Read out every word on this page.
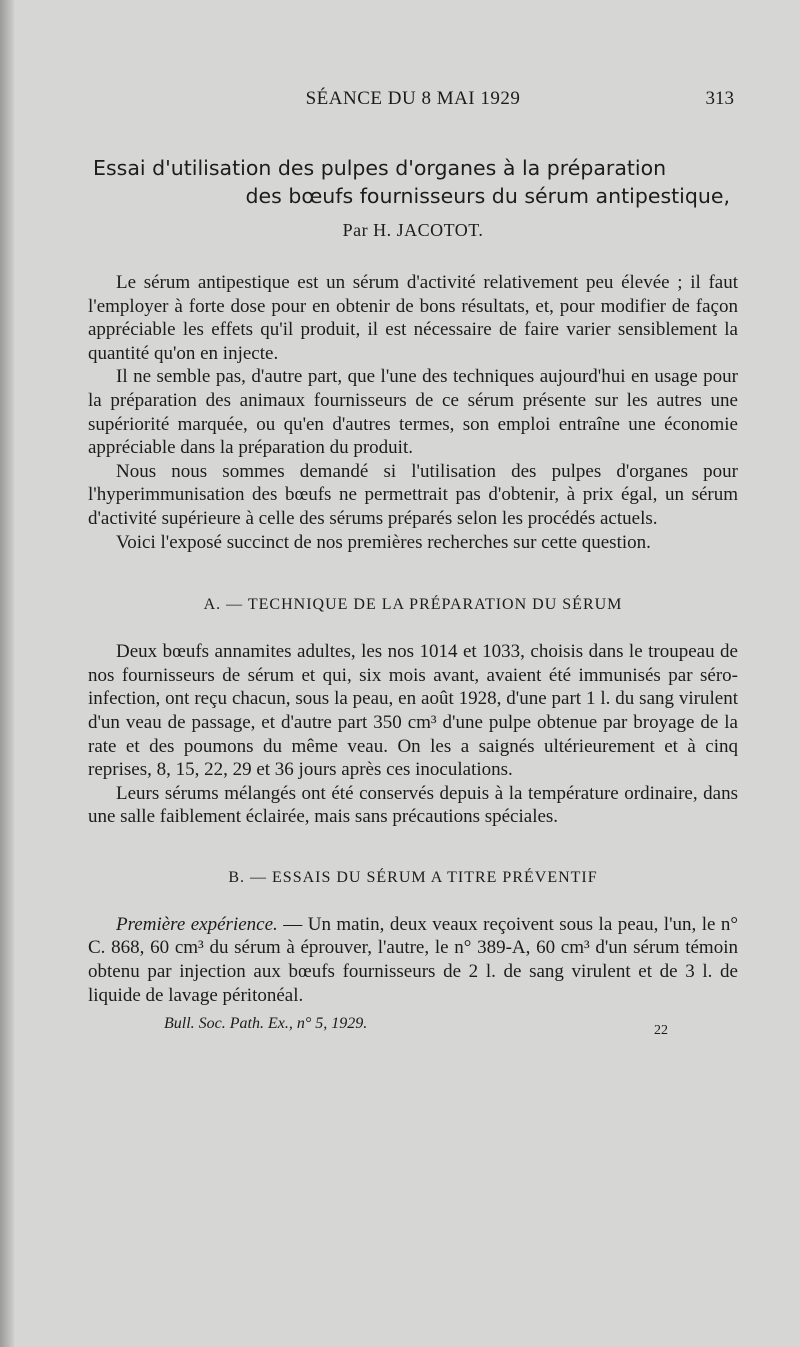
SÉANCE DU 8 MAI 1929	313
Essai d'utilisation des pulpes d'organes à la préparation
des bœufs fournisseurs du sérum antipestique,
Par H. JACOTOT.

Le sérum antipestique est un sérum d'activité relativement peu élevée ; il faut l'employer à forte dose pour en obtenir de bons résultats, et, pour modifier de façon appréciable les effets qu'il produit, il est nécessaire de faire varier sensiblement la quantité qu'on en injecte.

Il ne semble pas, d'autre part, que l'une des techniques aujourd'hui en usage pour la préparation des animaux fournisseurs de ce sérum présente sur les autres une supériorité marquée, ou qu'en d'autres termes, son emploi entraîne une économie appréciable dans la préparation du produit.

Nous nous sommes demandé si l'utilisation des pulpes d'organes pour l'hyperimmunisation des bœufs ne permettrait pas d'obtenir, à prix égal, un sérum d'activité supérieure à celle des sérums préparés selon les procédés actuels.

Voici l'exposé succinct de nos premières recherches sur cette question.

A. — TECHNIQUE DE LA PRÉPARATION DU SÉRUM

Deux bœufs annamites adultes, les nos 1014 et 1033, choisis dans le troupeau de nos fournisseurs de sérum et qui, six mois avant, avaient été immunisés par séro-infection, ont reçu chacun, sous la peau, en août 1928, d'une part 1 l. du sang virulent d'un veau de passage, et d'autre part 350 cm³ d'une pulpe obtenue par broyage de la rate et des poumons du même veau. On les a saignés ultérieurement et à cinq reprises, 8, 15, 22, 29 et 36 jours après ces inoculations.

Leurs sérums mélangés ont été conservés depuis à la température ordinaire, dans une salle faiblement éclairée, mais sans précautions spéciales.

B. — ESSAIS DU SÉRUM A TITRE PRÉVENTIF

Première expérience. — Un matin, deux veaux reçoivent sous la peau, l'un, le n° C. 868, 60 cm³ du sérum à éprouver, l'autre, le n° 389-A, 60 cm³ d'un sérum témoin obtenu par injection aux bœufs fournisseurs de 2 l. de sang virulent et de 3 l. de liquide de lavage péritonéal.

Bull. Soc. Path. Ex., n° 5, 1929.	22
